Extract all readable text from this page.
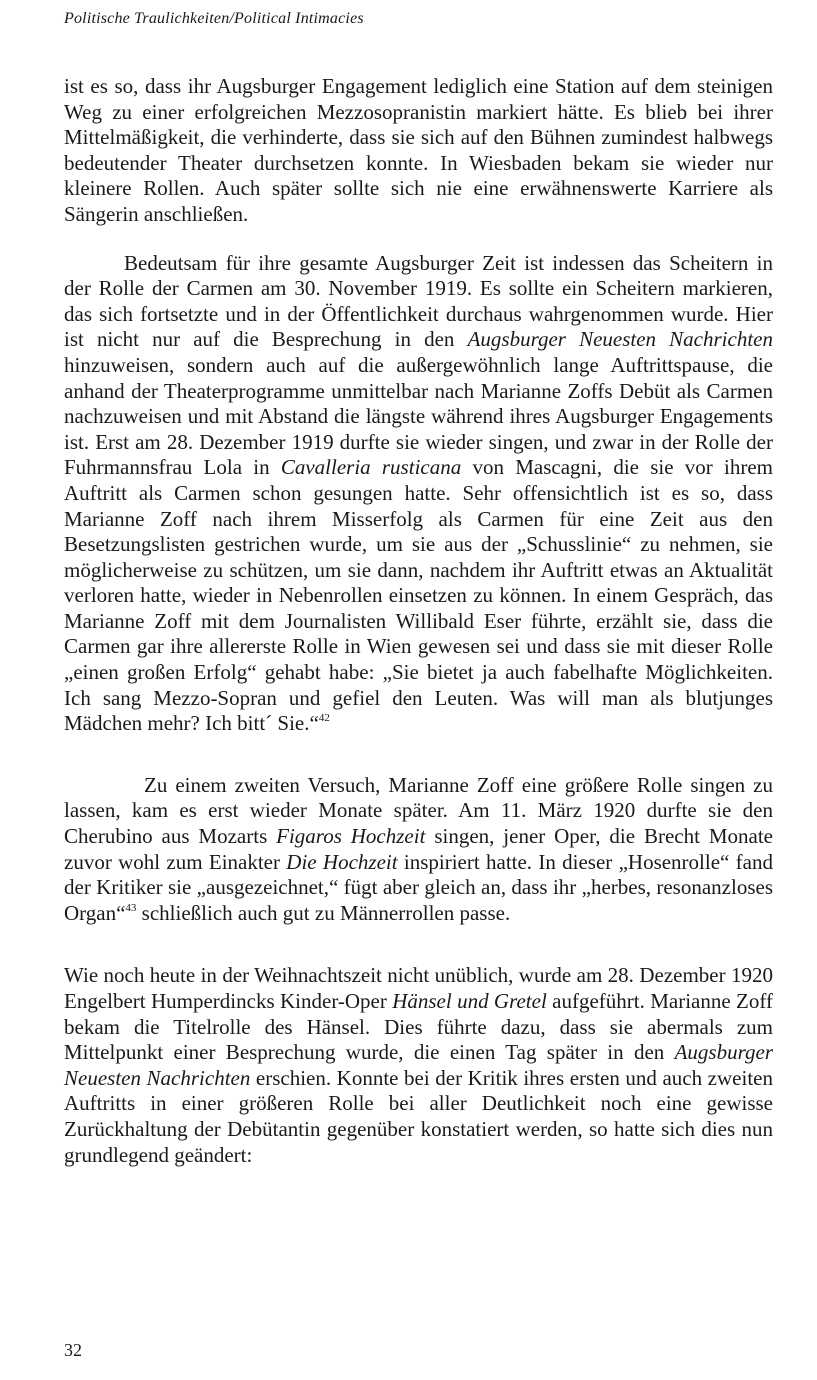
Politische Traulichkeiten/Political Intimacies

ist es so, dass ihr Augsburger Engagement lediglich eine Station auf dem steinigen Weg zu einer erfolgreichen Mezzosopranistin markiert hätte. Es blieb bei ihrer Mittelmäßigkeit, die verhinderte, dass sie sich auf den Bühnen zumindest halbwegs bedeutender Theater durchsetzen konnte. In Wiesbaden bekam sie wieder nur kleinere Rollen. Auch später sollte sich nie eine erwähnenswerte Karriere als Sängerin anschließen.

Bedeutsam für ihre gesamte Augsburger Zeit ist indessen das Scheitern in der Rolle der Carmen am 30. November 1919. Es sollte ein Scheitern markieren, das sich fortsetzte und in der Öffentlichkeit durchaus wahrgenommen wurde. Hier ist nicht nur auf die Besprechung in den Augsburger Neuesten Nachrichten hinzuweisen, sondern auch auf die außergewöhnlich lange Auftrittspause, die anhand der Theaterprogramme unmittelbar nach Marianne Zoffs Debüt als Carmen nachzuweisen und mit Abstand die längste während ihres Augsburger Engagements ist. Erst am 28. Dezember 1919 durfte sie wieder singen, und zwar in der Rolle der Fuhrmannsfrau Lola in Cavalleria rusticana von Mascagni, die sie vor ihrem Auftritt als Carmen schon gesungen hatte. Sehr offensichtlich ist es so, dass Marianne Zoff nach ihrem Misserfolg als Carmen für eine Zeit aus den Besetzungslisten gestrichen wurde, um sie aus der „Schusslinie“ zu nehmen, sie möglicherweise zu schützen, um sie dann, nachdem ihr Auftritt etwas an Aktualität verloren hatte, wieder in Nebenrollen einsetzen zu können. In einem Gespräch, das Marianne Zoff mit dem Journalisten Willibald Eser führte, erzählt sie, dass die Carmen gar ihre allererste Rolle in Wien gewesen sei und dass sie mit dieser Rolle „einen großen Erfolg“ gehabt habe: „Sie bietet ja auch fabelhafte Möglichkeiten. Ich sang Mezzo-Sopran und gefiel den Leuten. Was will man als blutjunges Mädchen mehr? Ich bitt´ Sie.“$^{42}$

Zu einem zweiten Versuch, Marianne Zoff eine größere Rolle singen zu lassen, kam es erst wieder Monate später. Am 11. März 1920 durfte sie den Cherubino aus Mozarts Figaros Hochzeit singen, jener Oper, die Brecht Monate zuvor wohl zum Einakter Die Hochzeit inspiriert hatte. In dieser „Hosenrolle“ fand der Kritiker sie „ausgezeichnet,“ fügt aber gleich an, dass ihr „herbes, resonanzloses Organ“$^{43}$ schließlich auch gut zu Männerrollen passe.

Wie noch heute in der Weihnachtszeit nicht unüblich, wurde am 28. Dezember 1920 Engelbert Humperdincks Kinder-Oper Hänsel und Gretel aufgeführt. Marianne Zoff bekam die Titelrolle des Hänsel. Dies führte dazu, dass sie abermals zum Mittelpunkt einer Besprechung wurde, die einen Tag später in den Augsburger Neuesten Nachrichten erschien. Konnte bei der Kritik ihres ersten und auch zweiten Auftritts in einer größeren Rolle bei aller Deutlichkeit noch eine gewisse Zurückhaltung der Debütantin gegenüber konstatiert werden, so hatte sich dies nun grundlegend geändert:

32
